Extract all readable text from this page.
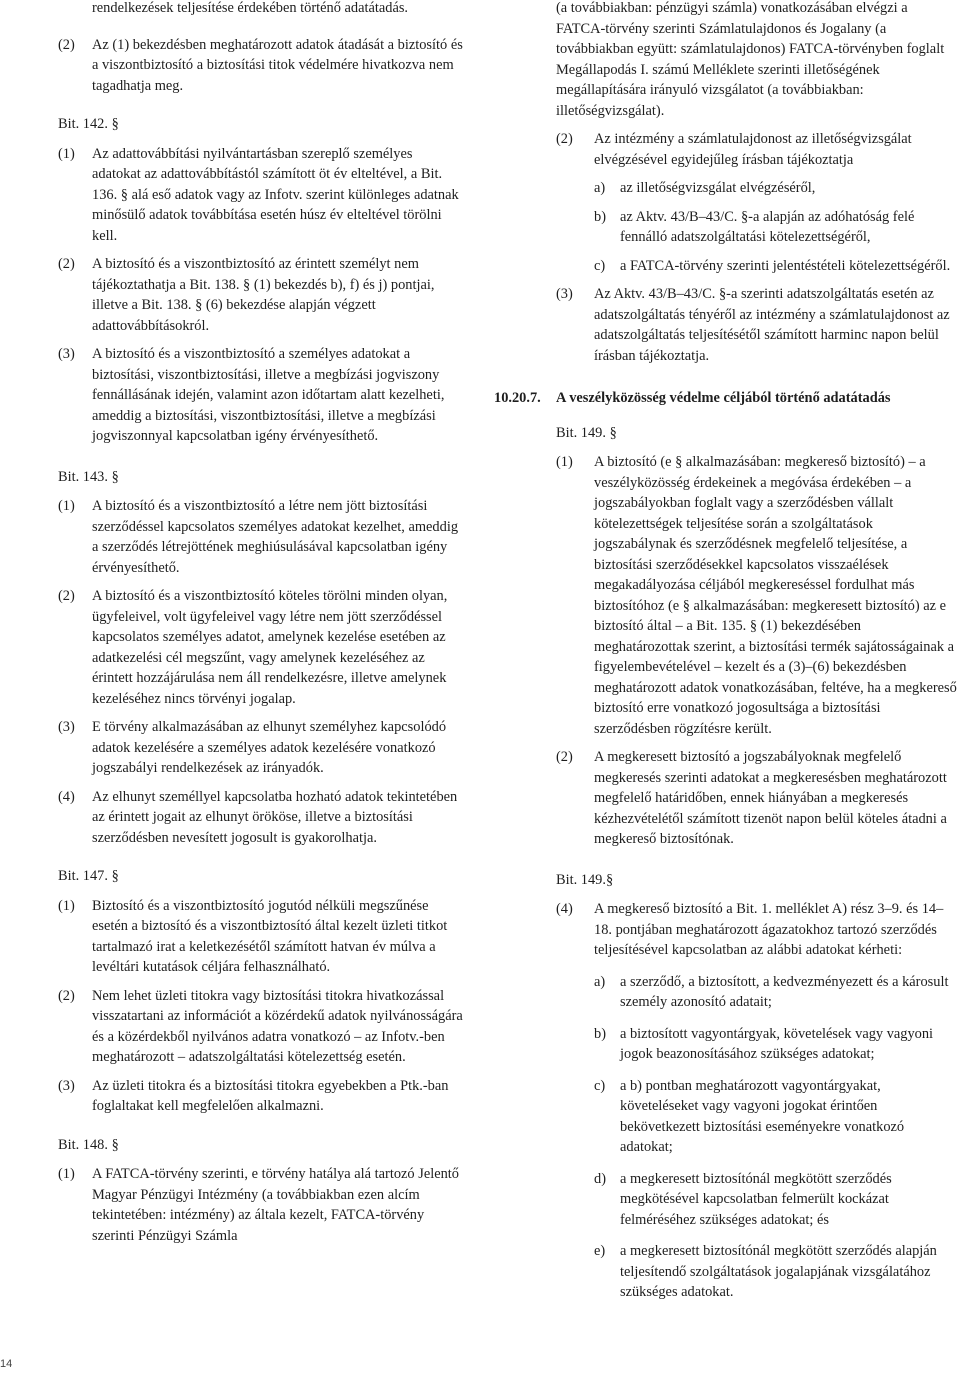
rendelkezések teljesítése érdekében történő adatátadás.
(2)	Az (1) bekezdésben meghatározott adatok átadását a biztosító és a viszontbiztosító a biztosítási titok védelmére hivatkozva nem tagadhatja meg.
Bit. 142. §
(1)	Az adattovábbítási nyilvántartásban szereplő személyes adatokat az adattovábbítástól számított öt év elteltével, a Bit. 136. § alá eső adatok vagy az Infotv. szerint különleges adatnak minősülő adatok továbbítása esetén húsz év elteltével törölni kell.
(2)	A biztosító és a viszontbiztosító az érintett személyt nem tájékoztathatja a Bit. 138. § (1) bekezdés b), f) és j) pontjai, illetve a Bit. 138. § (6) bekezdése alapján végzett adattovábbításokról.
(3)	A biztosító és a viszontbiztosító a személyes adatokat a biztosítási, viszontbiztosítási, illetve a megbízási jogviszony fennállásának idején, valamint azon időtartam alatt kezelheti, ameddig a biztosítási, viszontbiztosítási, illetve a megbízási jogviszonnyal kapcsolatban igény érvényesíthető.
Bit. 143. §
(1)	A biztosító és a viszontbiztosító a létre nem jött biztosítási szerződéssel kapcsolatos személyes adatokat kezelhet, ameddig a szerződés létrejöttének meghiúsulásával kapcsolatban igény érvényesíthető.
(2)	A biztosító és a viszontbiztosító köteles törölni minden olyan, ügyfeleivel, volt ügyfeleivel vagy létre nem jött szerződéssel kapcsolatos személyes adatot, amelynek kezelése esetében az adatkezelési cél megszűnt, vagy amelynek kezeléséhez az érintett hozzájárulása nem áll rendelkezésre, illetve amelynek kezeléséhez nincs törvényi jogalap.
(3)	E törvény alkalmazásában az elhunyt személyhez kapcsolódó adatok kezelésére a személyes adatok kezelésére vonatkozó jogszabályi rendelkezések az irányadók.
(4)	Az elhunyt személlyel kapcsolatba hozható adatok tekintetében az érintett jogait az elhunyt örököse, illetve a biztosítási szerződésben nevesített jogosult is gyakorolhatja.
Bit. 147. §
(1)	Biztosító és a viszontbiztosító jogutód nélküli megszűnése esetén a biztosító és a viszontbiztosító által kezelt üzleti titkot tartalmazó irat a keletkezésétől számított hatvan év múlva a levéltári kutatások céljára felhasználható.
(2)	Nem lehet üzleti titokra vagy biztosítási titokra hivatkozással visszatartani az információt a közérdekű adatok nyilvánosságára és a közérdekből nyilvános adatra vonatkozó – az Infotv.-ben meghatározott – adatszolgáltatási kötelezettség esetén.
(3)	Az üzleti titokra és a biztosítási titokra egyebekben a Ptk.-ban foglaltakat kell megfelelően alkalmazni.
Bit. 148. §
(1)	A FATCA-törvény szerinti, e törvény hatálya alá tartozó Jelentő Magyar Pénzügyi Intézmény (a továbbiakban ezen alcím tekintetében: intézmény) az általa kezelt, FATCA-törvény szerinti Pénzügyi Számla
(a továbbiakban: pénzügyi számla) vonatkozásában elvégzi a FATCA-törvény szerinti Számlatulajdonos és Jogalany (a továbbiakban együtt: számlatulajdonos) FATCA-törvényben foglalt Megállapodás I. számú Melléklete szerinti illetőségének megállapítására irányuló vizsgálatot (a továbbiakban: illetőségvizsgálat).
(2)	Az intézmény a számlatulajdonost az illetőségvizsgálat elvégzésével egyidejűleg írásban tájékoztatja
a)	az illetőségvizsgálat elvégzéséről,
b) az Aktv. 43/B–43/C. §-a alapján az adóhatóság felé fennálló adatszolgáltatási kötelezettségéről,
c)	a FATCA-törvény szerinti jelentéstételi kötelezettségéről.
(3)	Az Aktv. 43/B–43/C. §-a szerinti adatszolgáltatás esetén az adatszolgáltatás tényéről az intézmény a számlatulajdonost az adatszolgáltatás teljesítésétől számított harminc napon belül írásban tájékoztatja.
10.20.7.	A veszélyközösség védelme céljából történő adatátadás
Bit. 149. §
(1)	A biztosító (e § alkalmazásában: megkereső biztosító) – a veszélyközösség érdekeinek a megóvása érdekében – a jogszabályokban foglalt vagy a szerződésben vállalt kötelezettségek teljesítése során a szolgáltatások jogszabálynak és szerződésnek megfelelő teljesítése, a biztosítási szerződésekkel kapcsolatos visszaélések megakadályozása céljából megkereséssel fordulhat más biztosítóhoz (e § alkalmazásában: megkeresett biztosító) az e biztosító által – a Bit. 135. § (1) bekezdésében meghatározottak szerint, a biztosítási termék sajátosságainak a figyelembevételével – kezelt és a (3)–(6) bekezdésben meghatározott adatok vonatkozásában, feltéve, ha a megkereső biztosító erre vonatkozó jogosultsága a biztosítási szerződésben rögzítésre került.
(2)	A megkeresett biztosító a jogszabályoknak megfelelő megkeresés szerinti adatokat a megkeresésben meghatározott megfelelő határidőben, ennek hiányában a megkeresés kézhezvételétől számított tizenöt napon belül köteles átadni a megkereső biztosítónak.
Bit. 149.§
(4)	A megkereső biztosító a Bit. 1. melléklet A) rész 3–9. és 14–18. pontjában meghatározott ágazatokhoz tartozó szerződés teljesítésével kapcsolatban az alábbi adatokat kérheti:
a)	a szerződő, a biztosított, a kedvezményezett és a károsult személy azonosító adatait;
b) a biztosított vagyontárgyak, követelések vagy vagyoni jogok beazonosításához szükséges adatokat;
c)	a b) pontban meghatározott vagyontárgyakat, követeléseket vagy vagyoni jogokat érintően bekövetkezett biztosítási eseményekre vonatkozó adatokat;
d) a megkeresett biztosítónál megkötött szerződés megkötésével kapcsolatban felmerült kockázat felméréséhez szükséges adatokat; és
e)	a megkeresett biztosítónál megkötött szerződés alapján teljesítendő szolgáltatások jogalapjának vizsgálatához szükséges adatokat.
14
